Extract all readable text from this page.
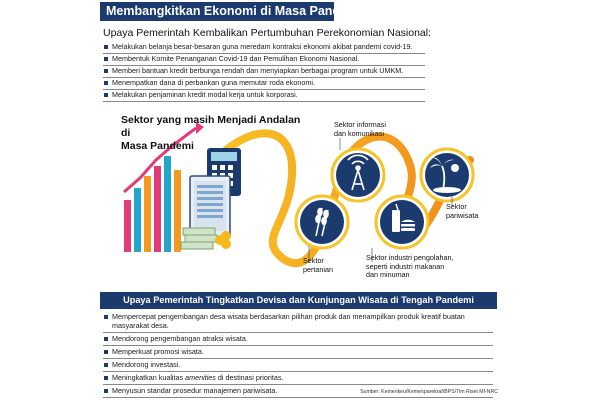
Membangkitkan Ekonomi di Masa Pandemi
Upaya Pemerintah Kembalikan Pertumbuhan Perekonomian Nasional:
Melakukan belanja besar-besaran guna meredam kontraksi ekonomi akibat pandemi covid-19.
Membentuk Komite Penanganan Covid-19 dan Pemulihan Ekonomi Nasional.
Memberi bantuan kredit berbunga rendah dan menyiapkan berbagai program untuk UMKM.
Menempatkan dana di perbankan guna memutar roda ekonomi.
Melakukan penjaminan kredit modal kerja untuk korporasi.
Sektor yang masih Menjadi Andalan di
Masa Pandemi
Sektor
pertanian
Sektor informasi
dan komunikasi
Sektor industri pengolahan,
seperti industri makanan
dan minuman
Sektor
pariwisata
Upaya Pemerintah Tingkatkan Devisa dan Kunjungan Wisata di Tengah Pandemi
Mempercepat pengembangan desa wisata berdasarkan pilihan produk dan menampilkan produk kreatif buatan masyarakat desa.
Mendorong pengembangan atraksi wisata.
Memperkuat promosi wisata.
Mendorong investasi.
Meningkatkan kualitas amenities di destinasi prioritas.
Menyusun standar prosedur manajemen pariwisata.	Sumber: Kemenkeu/Kemenparekraf/BPS/Tim Riset MI-NRC
